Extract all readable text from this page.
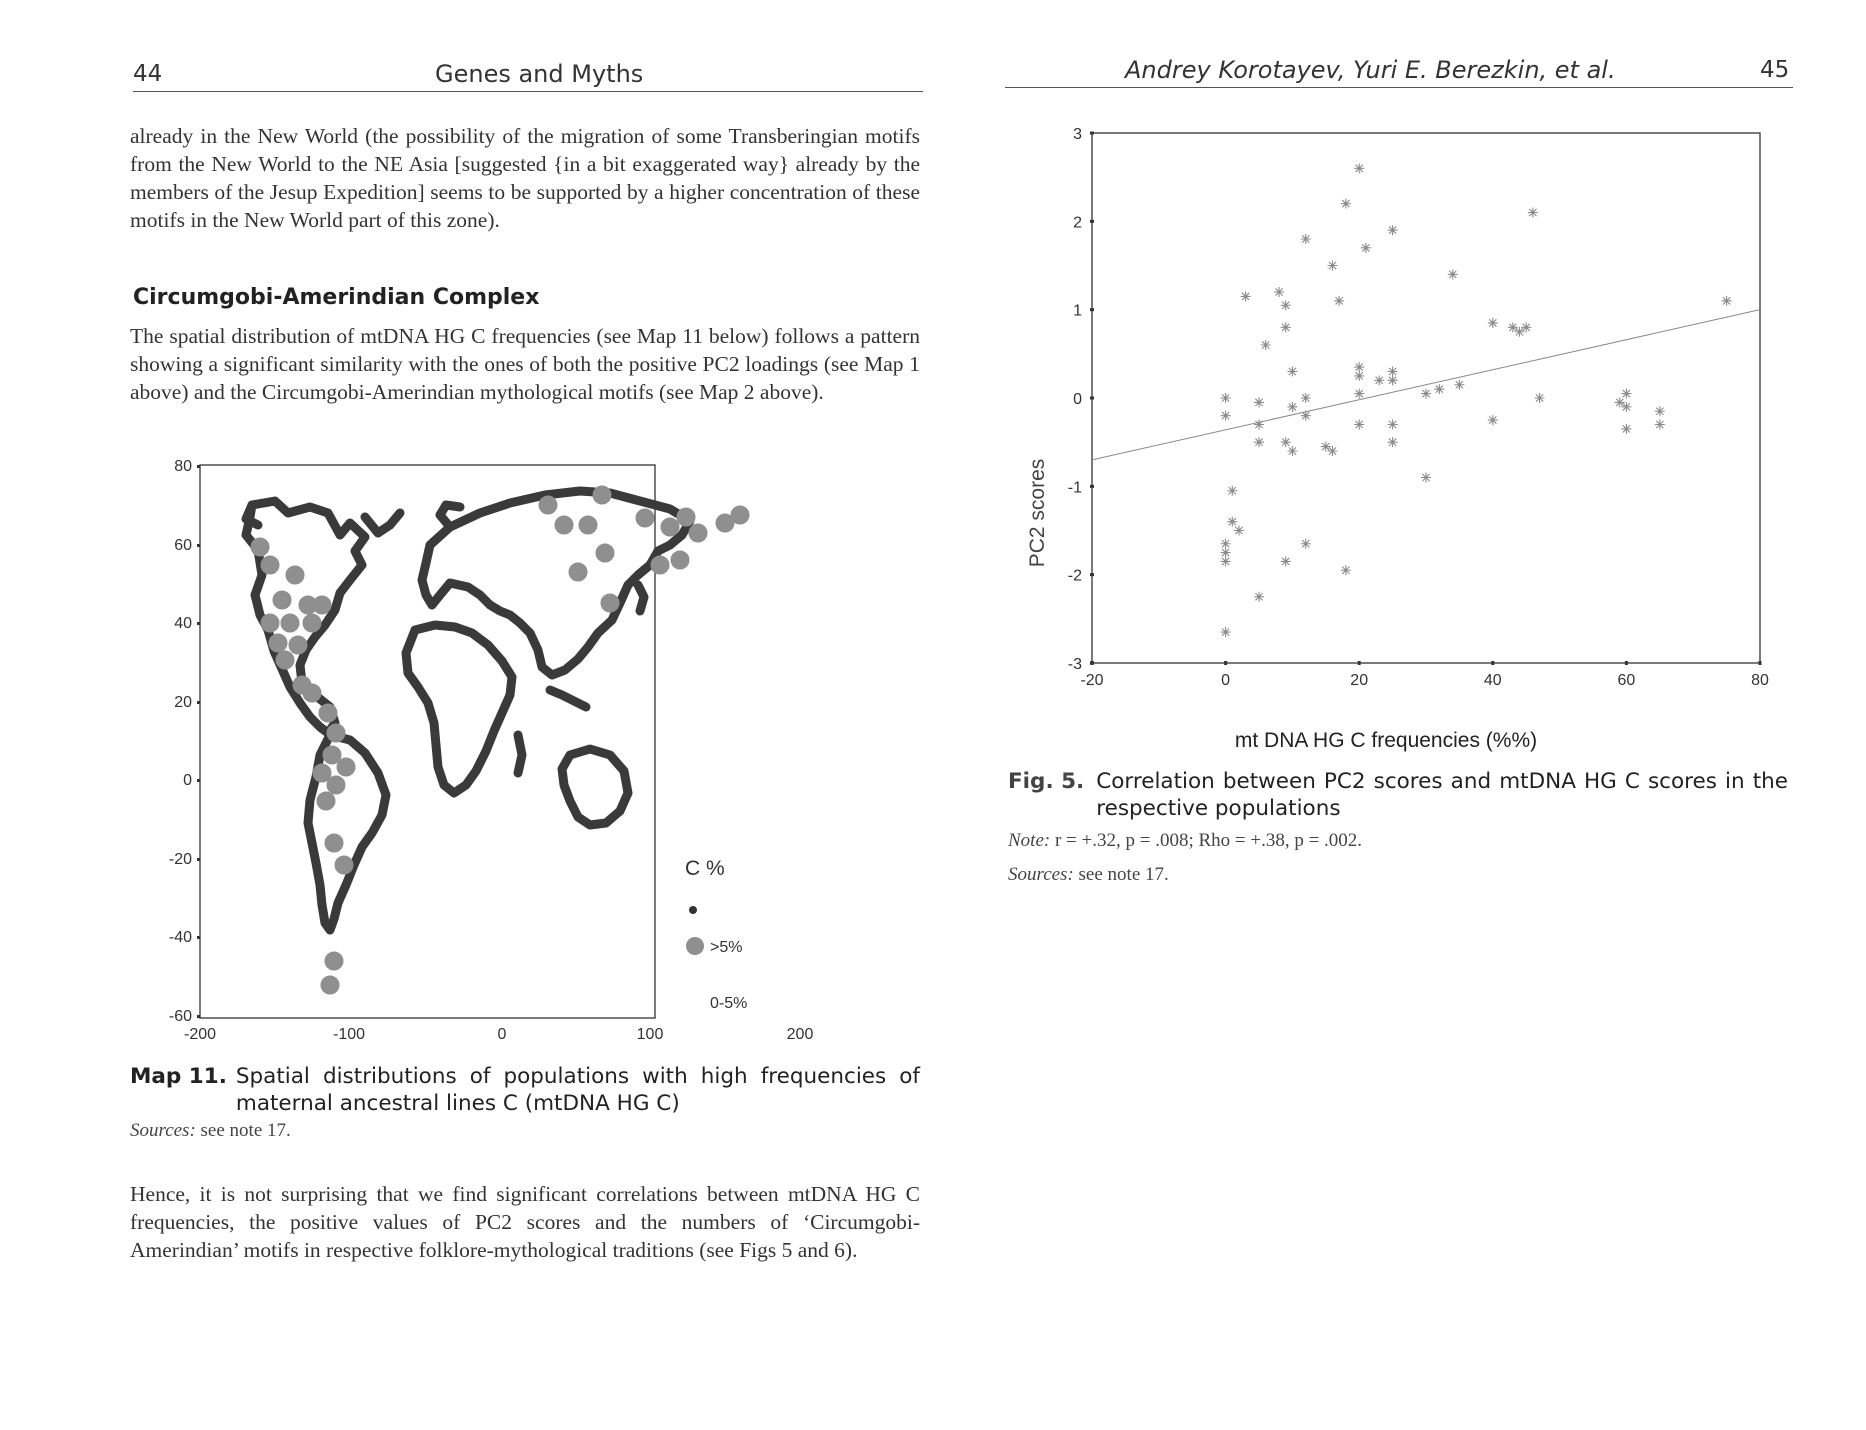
44	Genes and Myths
already in the New World (the possibility of the migration of some Transberingian motifs from the New World to the NE Asia [suggested {in a bit exaggerated way} already by the members of the Jesup Expedition] seems to be supported by a higher concentration of these motifs in the New World part of this zone).
Circumgobi-Amerindian Complex
The spatial distribution of mtDNA HG C frequencies (see Map 11 below) follows a pattern showing a significant similarity with the ones of both the positive PC2 loadings (see Map 1 above) and the Circumgobi-Amerindian mythological motifs (see Map 2 above).
80
60
40
20
0
-20
-40
-60
-200	-100	0	100	200
C %
>5%
0-5%
Map 11. Spatial distributions of populations with high frequencies of maternal ancestral lines C (mtDNA HG C)
Sources: see note 17.
Hence, it is not surprising that we find significant correlations between mtDNA HG C frequencies, the positive values of PC2 scores and the numbers of ‘Circumgobi-Amerindian’ motifs in respective folklore-mythological traditions (see Figs 5 and 6).
Andrey Korotayev, Yuri E. Berezkin, et al.	45
3
2
1
0
-1
-2
-3
-20	0	20	40	60	80
mt DNA HG C frequencies (%%)
PC2 scores
Fig. 5. Correlation between PC2 scores and mtDNA HG C scores in the respective populations
Note: r = +.32, p = .008; Rho = +.38, p = .002.
Sources: see note 17.
